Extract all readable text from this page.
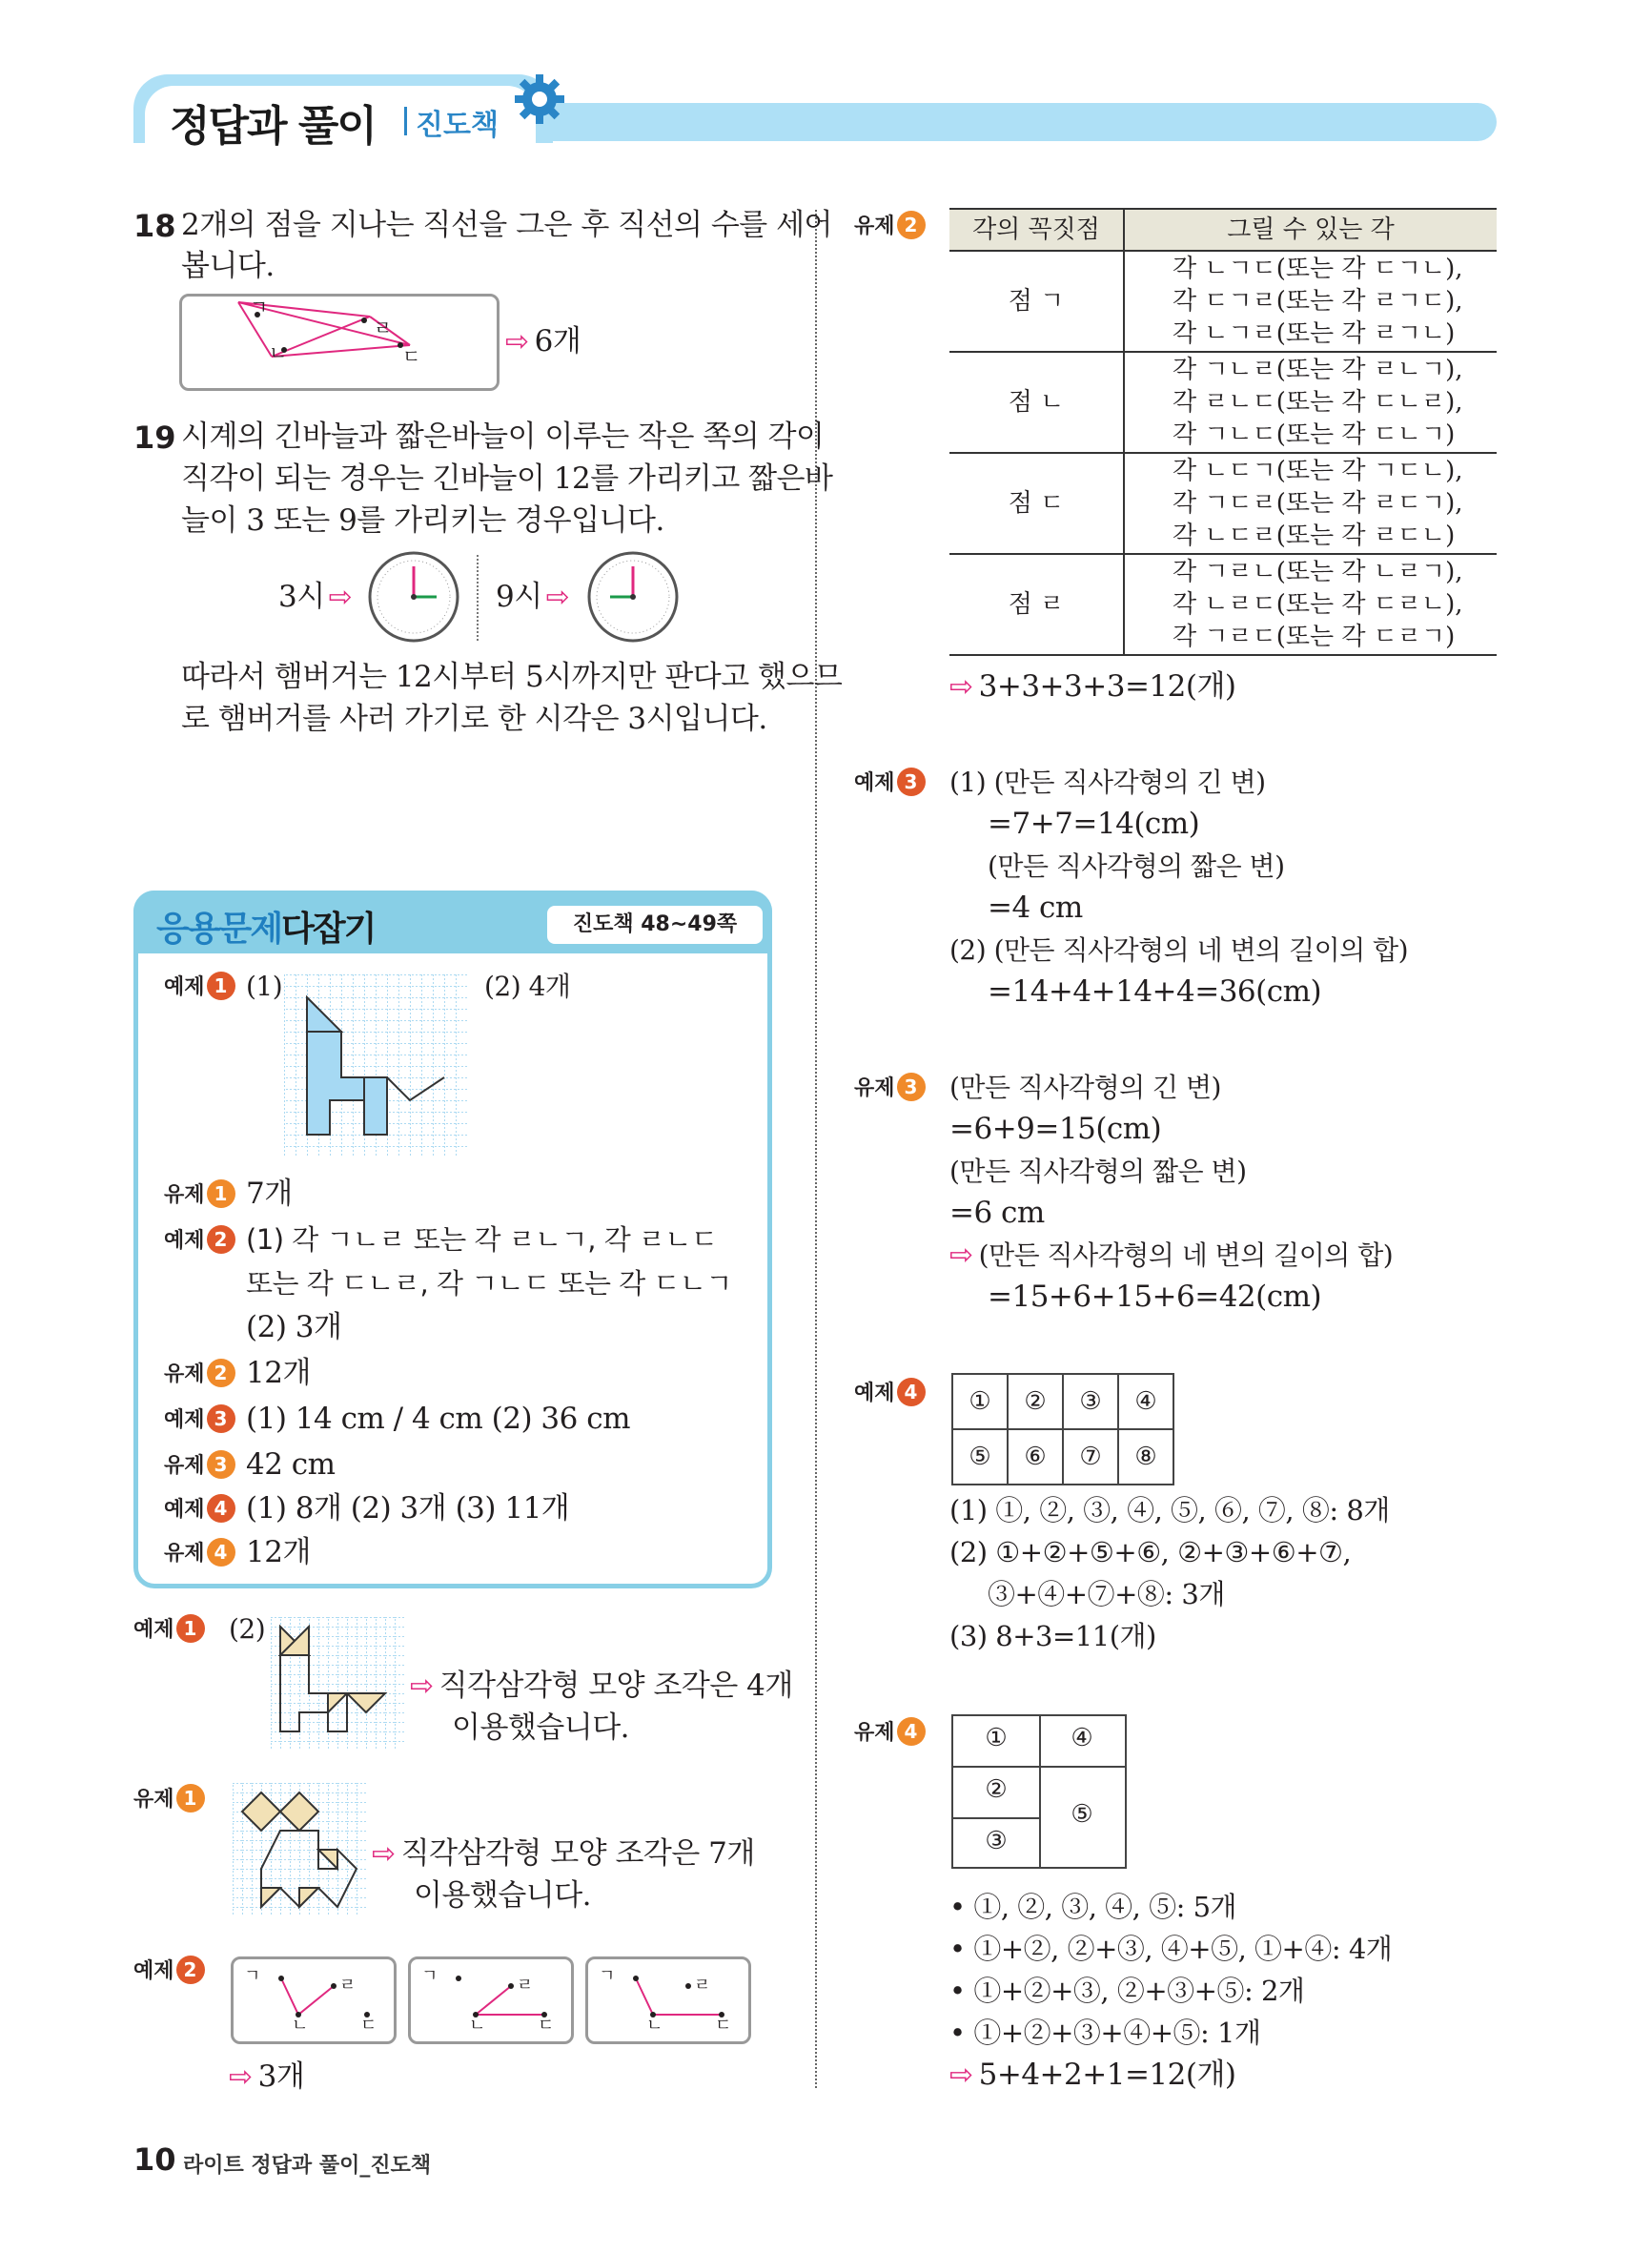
정답과 풀이 진도책
18 2개의 점을 지나는 직선을 그은 후 직선의 수를 세어
봅니다.
ㄱ
ㄴ	ㄷ
ㄹ	⇨ 6개
19 시계의 긴바늘과 짧은바늘이 이루는 작은 쪽의 각이
직각이 되는 경우는 긴바늘이 12를 가리키고 짧은바
늘이 3 또는 9를 가리키는 경우입니다.
3시 ⇨	9시 ⇨
따라서 햄버거는 12시부터 5시까지만 판다고 했으므
로 햄버거를 사러 가기로 한 시각은 3시입니다.
응용문제다잡기	진도책 48~49쪽
예제 1 (1)	(2) 4개
유제 1 7개
예제 2 (1) 각 ㄱㄴㄹ 또는 각 ㄹㄴㄱ, 각 ㄹㄴㄷ
또는 각 ㄷㄴㄹ, 각 ㄱㄴㄷ 또는 각 ㄷㄴㄱ
(2) 3개
유제 2 12개
예제 3 (1) 14 cm / 4 cm (2) 36 cm
유제 3 42 cm
예제 4 (1) 8개 (2) 3개 (3) 11개
유제 4 12개
예제 1 (2)
⇨ 직각삼각형 모양 조각은 4개
이용했습니다.
유제 1
⇨ 직각삼각형 모양 조각은 7개
이용했습니다.
예제 2	ㄱ
ㄴ	ㄷ
ㄹ	ㄱ
ㄴ	ㄷ
ㄹ	ㄱ
ㄴ	ㄷ
ㄹ
⇨ 3개
유제 2	각의 꼭짓점	그릴 수 있는 각
점 ㄱ	각 ㄴㄱㄷ(또는 각 ㄷㄱㄴ),
각 ㄷㄱㄹ(또는 각 ㄹㄱㄷ),
각 ㄴㄱㄹ(또는 각 ㄹㄱㄴ)

점 ㄴ	각 ㄱㄴㄹ(또는 각 ㄹㄴㄱ),
각 ㄹㄴㄷ(또는 각 ㄷㄴㄹ),
각 ㄱㄴㄷ(또는 각 ㄷㄴㄱ)

점 ㄷ	각 ㄴㄷㄱ(또는 각 ㄱㄷㄴ),
각 ㄱㄷㄹ(또는 각 ㄹㄷㄱ),
각 ㄴㄷㄹ(또는 각 ㄹㄷㄴ)

점 ㄹ	각 ㄱㄹㄴ(또는 각 ㄴㄹㄱ),
각 ㄴㄹㄷ(또는 각 ㄷㄹㄴ),
각 ㄱㄹㄷ(또는 각 ㄷㄹㄱ)
⇨ 3+3+3+3=12(개)
예제 3 (1) (만든 직사각형의 긴 변)
=7+7=14(cm)
(만든 직사각형의 짧은 변)
=4 cm
(2) (만든 직사각형의 네 변의 길이의 합)
=14+4+14+4=36(cm)
유제 3 (만든 직사각형의 긴 변)
=6+9=15(cm)
(만든 직사각형의 짧은 변)
=6 cm
⇨ (만든 직사각형의 네 변의 길이의 합)
=15+6+15+6=42(cm)
예제 4	①	②	③	④
⑤	⑥	⑦	⑧
(1) ①, ②, ③, ④, ⑤, ⑥, ⑦, ⑧: 8개
(2) ①+②+⑤+⑥, ②+③+⑥+⑦,
③+④+⑦+⑧: 3개
(3) 8+3=11(개)
유제 4	①	④
②
⑤
③
• ①, ②, ③, ④, ⑤: 5개
• ①+②, ②+③, ④+⑤, ①+④: 4개
• ①+②+③, ②+③+⑤: 2개
• ①+②+③+④+⑤: 1개
⇨ 5+4+2+1=12(개)
10 라이트 정답과 풀이_진도책
